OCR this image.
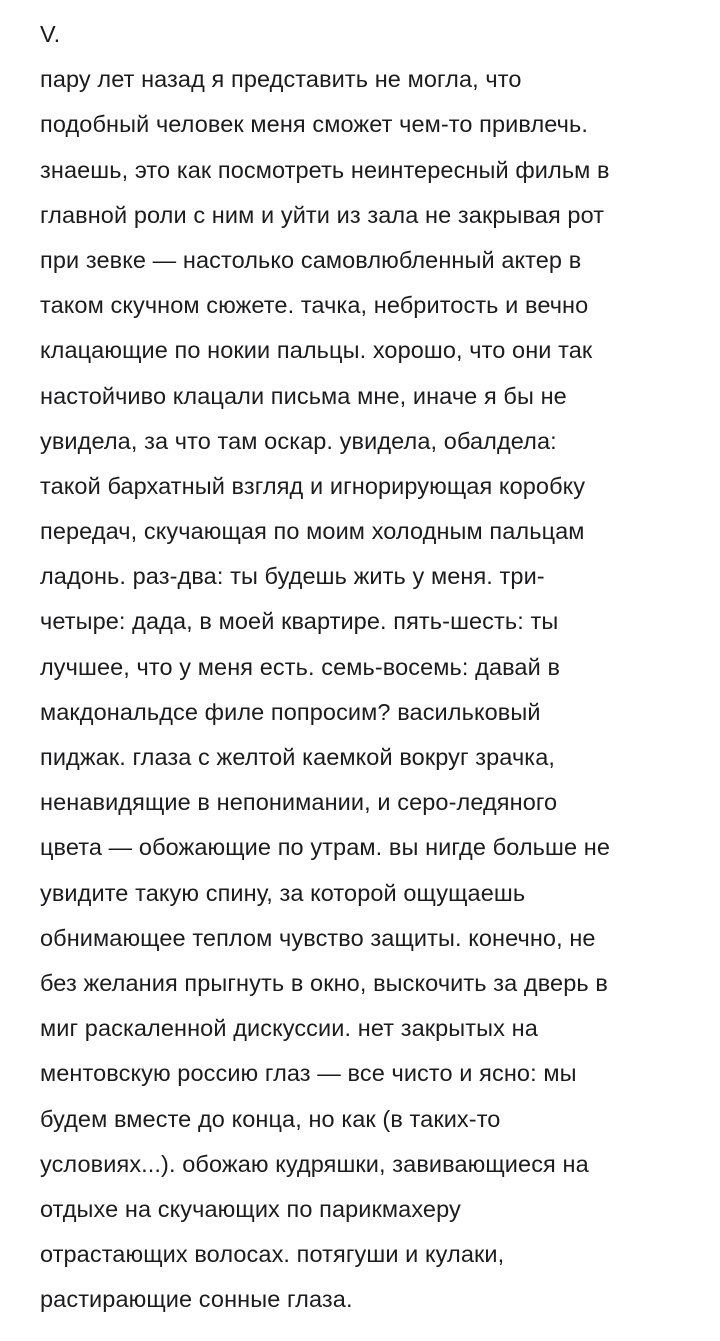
V.
пару лет назад я представить не могла, что
подобный человек меня сможет чем-то привлечь.
знаешь, это как посмотреть неинтересный фильм в
главной роли с ним и уйти из зала не закрывая рот
при зевке — настолько самовлюбленный актер в
таком скучном сюжете. тачка, небритость и вечно
клацающие по нокии пальцы. хорошо, что они так
настойчиво клацали письма мне, иначе я бы не
увидела, за что там оскар. увидела, обалдела:
такой бархатный взгляд и игнорирующая коробку
передач, скучающая по моим холодным пальцам
ладонь. раз-два: ты будешь жить у меня. три-
четыре: дада, в моей квартире. пять-шесть: ты
лучшее, что у меня есть. семь-восемь: давай в
макдональдсе филе попросим? васильковый
пиджак. глаза с желтой каемкой вокруг зрачка,
ненавидящие в непонимании, и серо-ледяного
цвета — обожающие по утрам. вы нигде больше не
увидите такую спину, за которой ощущаешь
обнимающее теплом чувство защиты. конечно, не
без желания прыгнуть в окно, выскочить за дверь в
миг раскаленной дискуссии. нет закрытых на
ментовскую россию глаз — все чисто и ясно: мы
будем вместе до конца, но как (в таких-то
условиях...). обожаю кудряшки, завивающиеся на
отдыхе на скучающих по парикмахеру
отрастающих волосах. потягуши и кулаки,
растирающие сонные глаза.
